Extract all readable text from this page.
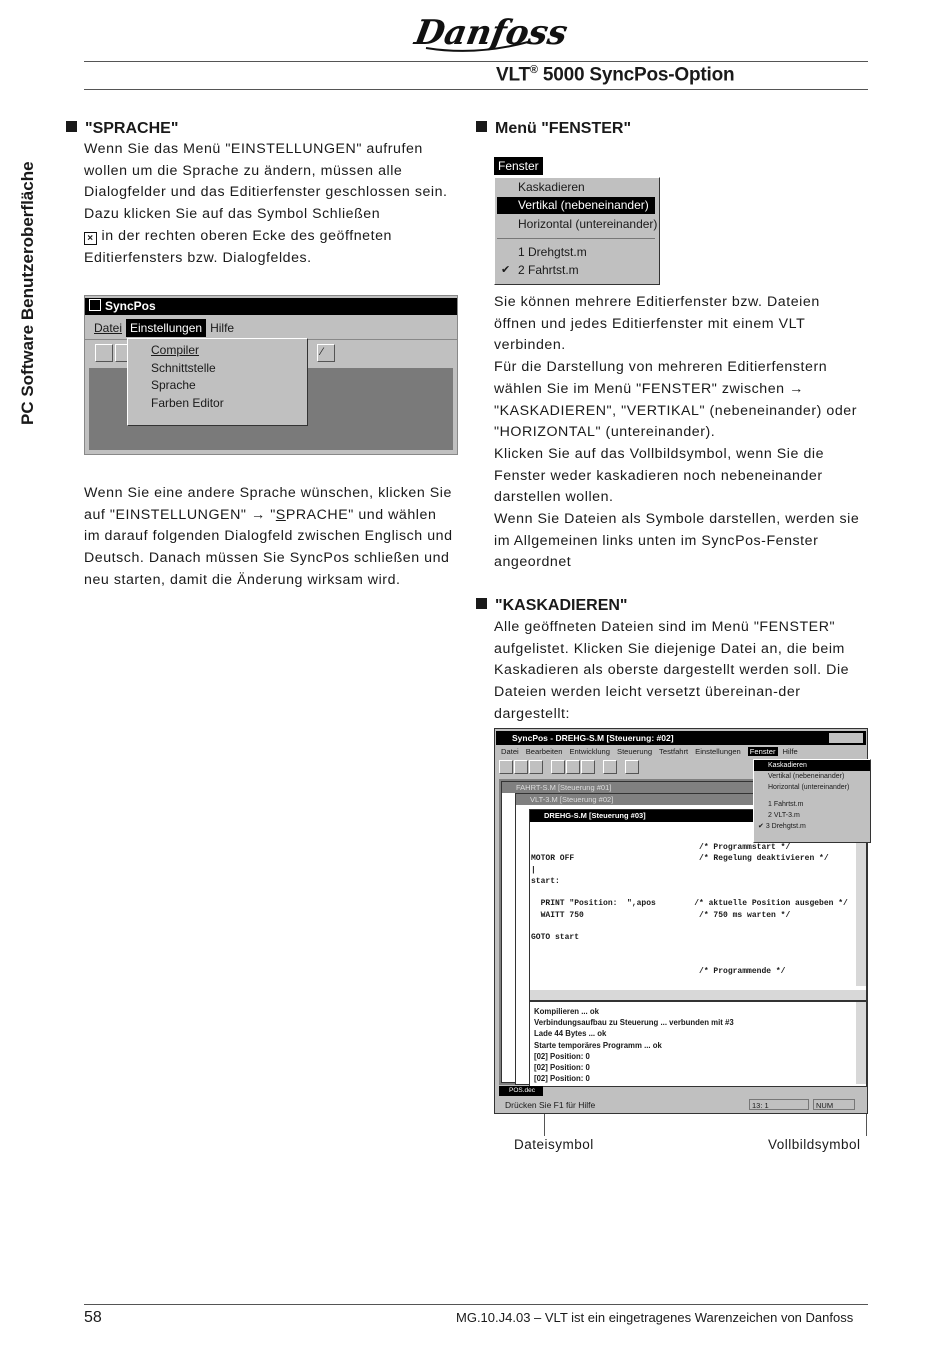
Danfoss
VLT® 5000 SyncPos-Option
PC Software Benutzeroberfläche
"SPRACHE"
Wenn Sie das Menü "EINSTELLUNGEN" aufrufen wollen um die Sprache zu ändern, müssen alle Dialogfelder und das Editierfenster geschlossen sein. Dazu klicken Sie auf das Symbol Schließen
× in der rechten oberen Ecke des geöffneten Editierfensters bzw. Dialogfeldes.
SyncPos
Datei Einstellungen Hilfe
⁄
Compiler
Schnittstelle
Sprache
Farben Editor
Wenn Sie eine andere Sprache wünschen, klicken Sie auf "EINSTELLUNGEN" → "SPRACHE" und wählen im darauf folgenden Dialogfeld zwischen Englisch und Deutsch. Danach müssen Sie SyncPos schließen und neu starten, damit die Änderung wirksam wird.
Menü "FENSTER"
Fenster
Kaskadieren
Vertikal (nebeneinander)
Horizontal (untereinander)
1 Drehgtst.m
✔ 2 Fahrtst.m

Sie können mehrere Editierfenster bzw. Dateien öffnen und jedes Editierfenster mit einem VLT verbinden.

Für die Darstellung von mehreren Editierfenstern wählen Sie im Menü "FENSTER" zwischen →

"KASKADIEREN", "VERTIKAL" (nebeneinander) oder "HORIZONTAL" (untereinander).

Klicken Sie auf das Vollbildsymbol, wenn Sie die Fenster weder kaskadieren noch nebeneinander darstellen wollen.

Wenn Sie Dateien als Symbole darstellen, werden sie im Allgemeinen links unten im SyncPos-Fenster angeordnet

"KASKADIEREN"
Alle geöffneten Dateien sind im Menü "FENSTER" aufgelistet. Klicken Sie diejenige Datei an, die beim Kaskadieren als oberste dargestellt werden soll. Die Dateien werden leicht versetzt übereinan-der dargestellt:
SyncPos - DREHG-S.M [Steuerung: #02]
Datei Bearbeiten Entwicklung Steuerung Testfahrt Einstellungen Fenster Hilfe
FAHRT-S.M [Steuerung #01]
VLT-3.M [Steuerung #02]
DREHG-S.M [Steuerung #03]
/* Programmstart */
MOTOR OFF                          /* Regelung deaktivieren */
|
start:
PRINT "Position:  ",apos        /* aktuelle Position ausgeben */
WAITT 750                        /* 750 ms warten */
GOTO start
/* Programmende */
Kaskadieren
Vertikal (nebeneinander)
Horizontal (untereinander)
1 Fahrtst.m
2 VLT-3.m
✔ 3 Drehgtst.m
Kompilieren ... ok
Verbindungsaufbau zu Steuerung ... verbunden mit #3
Lade 44 Bytes ... ok
Starte temporäres Programm ... ok
[02] Position: 0
[02] Position: 0
[02] Position: 0
POS.dec
Drücken Sie F1 für Hilfe	13: 1	NUM
Dateisymbol	Vollbildsymbol
58	MG.10.J4.03 – VLT ist ein eingetragenes Warenzeichen von Danfoss
